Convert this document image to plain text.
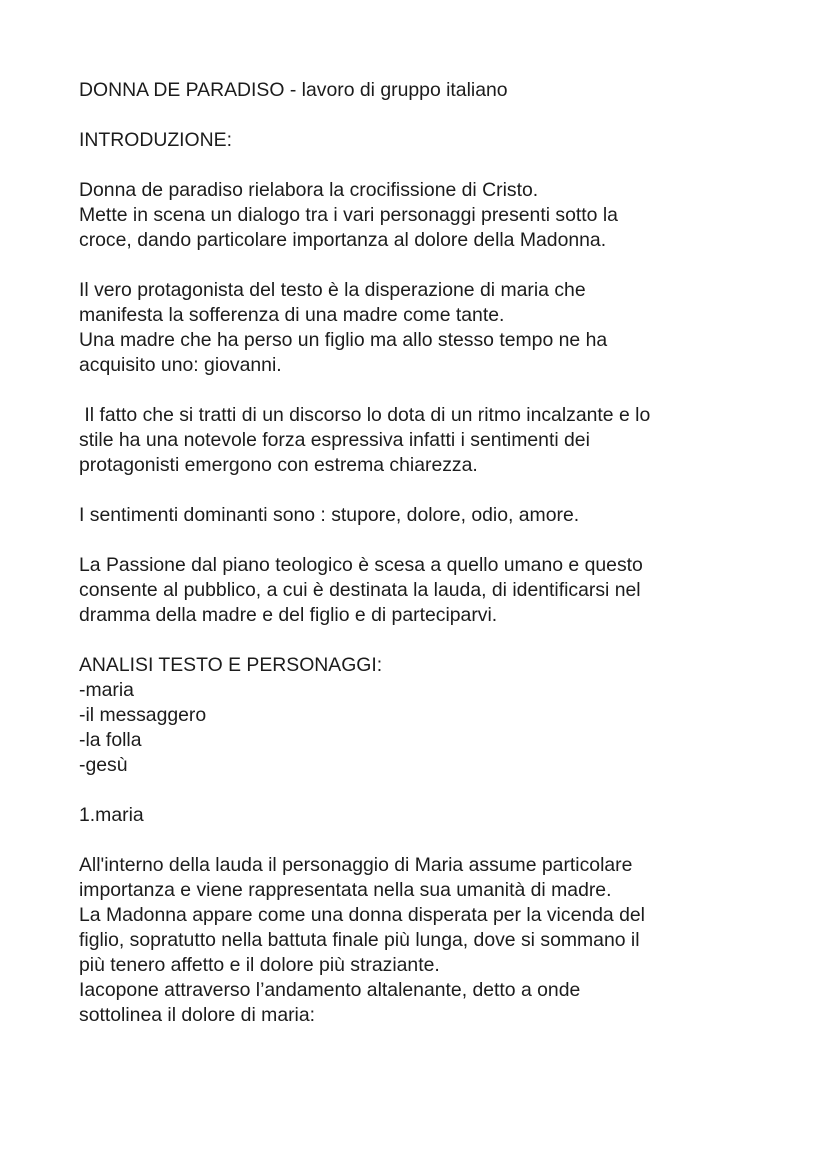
DONNA DE PARADISO - lavoro di gruppo italiano

INTRODUZIONE:

Donna de paradiso rielabora la crocifissione di Cristo.
Mette in scena un dialogo tra i vari personaggi presenti sotto la
croce, dando particolare importanza al dolore della Madonna.

Il vero protagonista del testo è la disperazione di maria che
manifesta la sofferenza di una madre come tante.
Una madre che ha perso un figlio ma allo stesso tempo ne ha
acquisito uno: giovanni.

Il fatto che si tratti di un discorso lo dota di un ritmo incalzante e lo
stile ha una notevole forza espressiva infatti i sentimenti dei
protagonisti emergono con estrema chiarezza.

I sentimenti dominanti sono : stupore, dolore, odio, amore.

La Passione dal piano teologico è scesa a quello umano e questo
consente al pubblico, a cui è destinata la lauda, di identificarsi nel
dramma della madre e del figlio e di parteciparvi.

ANALISI TESTO E PERSONAGGI:
-maria
-il messaggero
-la folla
-gesù

1.maria

All'interno della lauda il personaggio di Maria assume particolare
importanza e viene rappresentata nella sua umanità di madre.
La Madonna appare come una donna disperata per la vicenda del
figlio, sopratutto nella battuta finale più lunga, dove si sommano il
più tenero affetto e il dolore più straziante.
Iacopone attraverso l’andamento altalenante, detto a onde
sottolinea il dolore di maria:
